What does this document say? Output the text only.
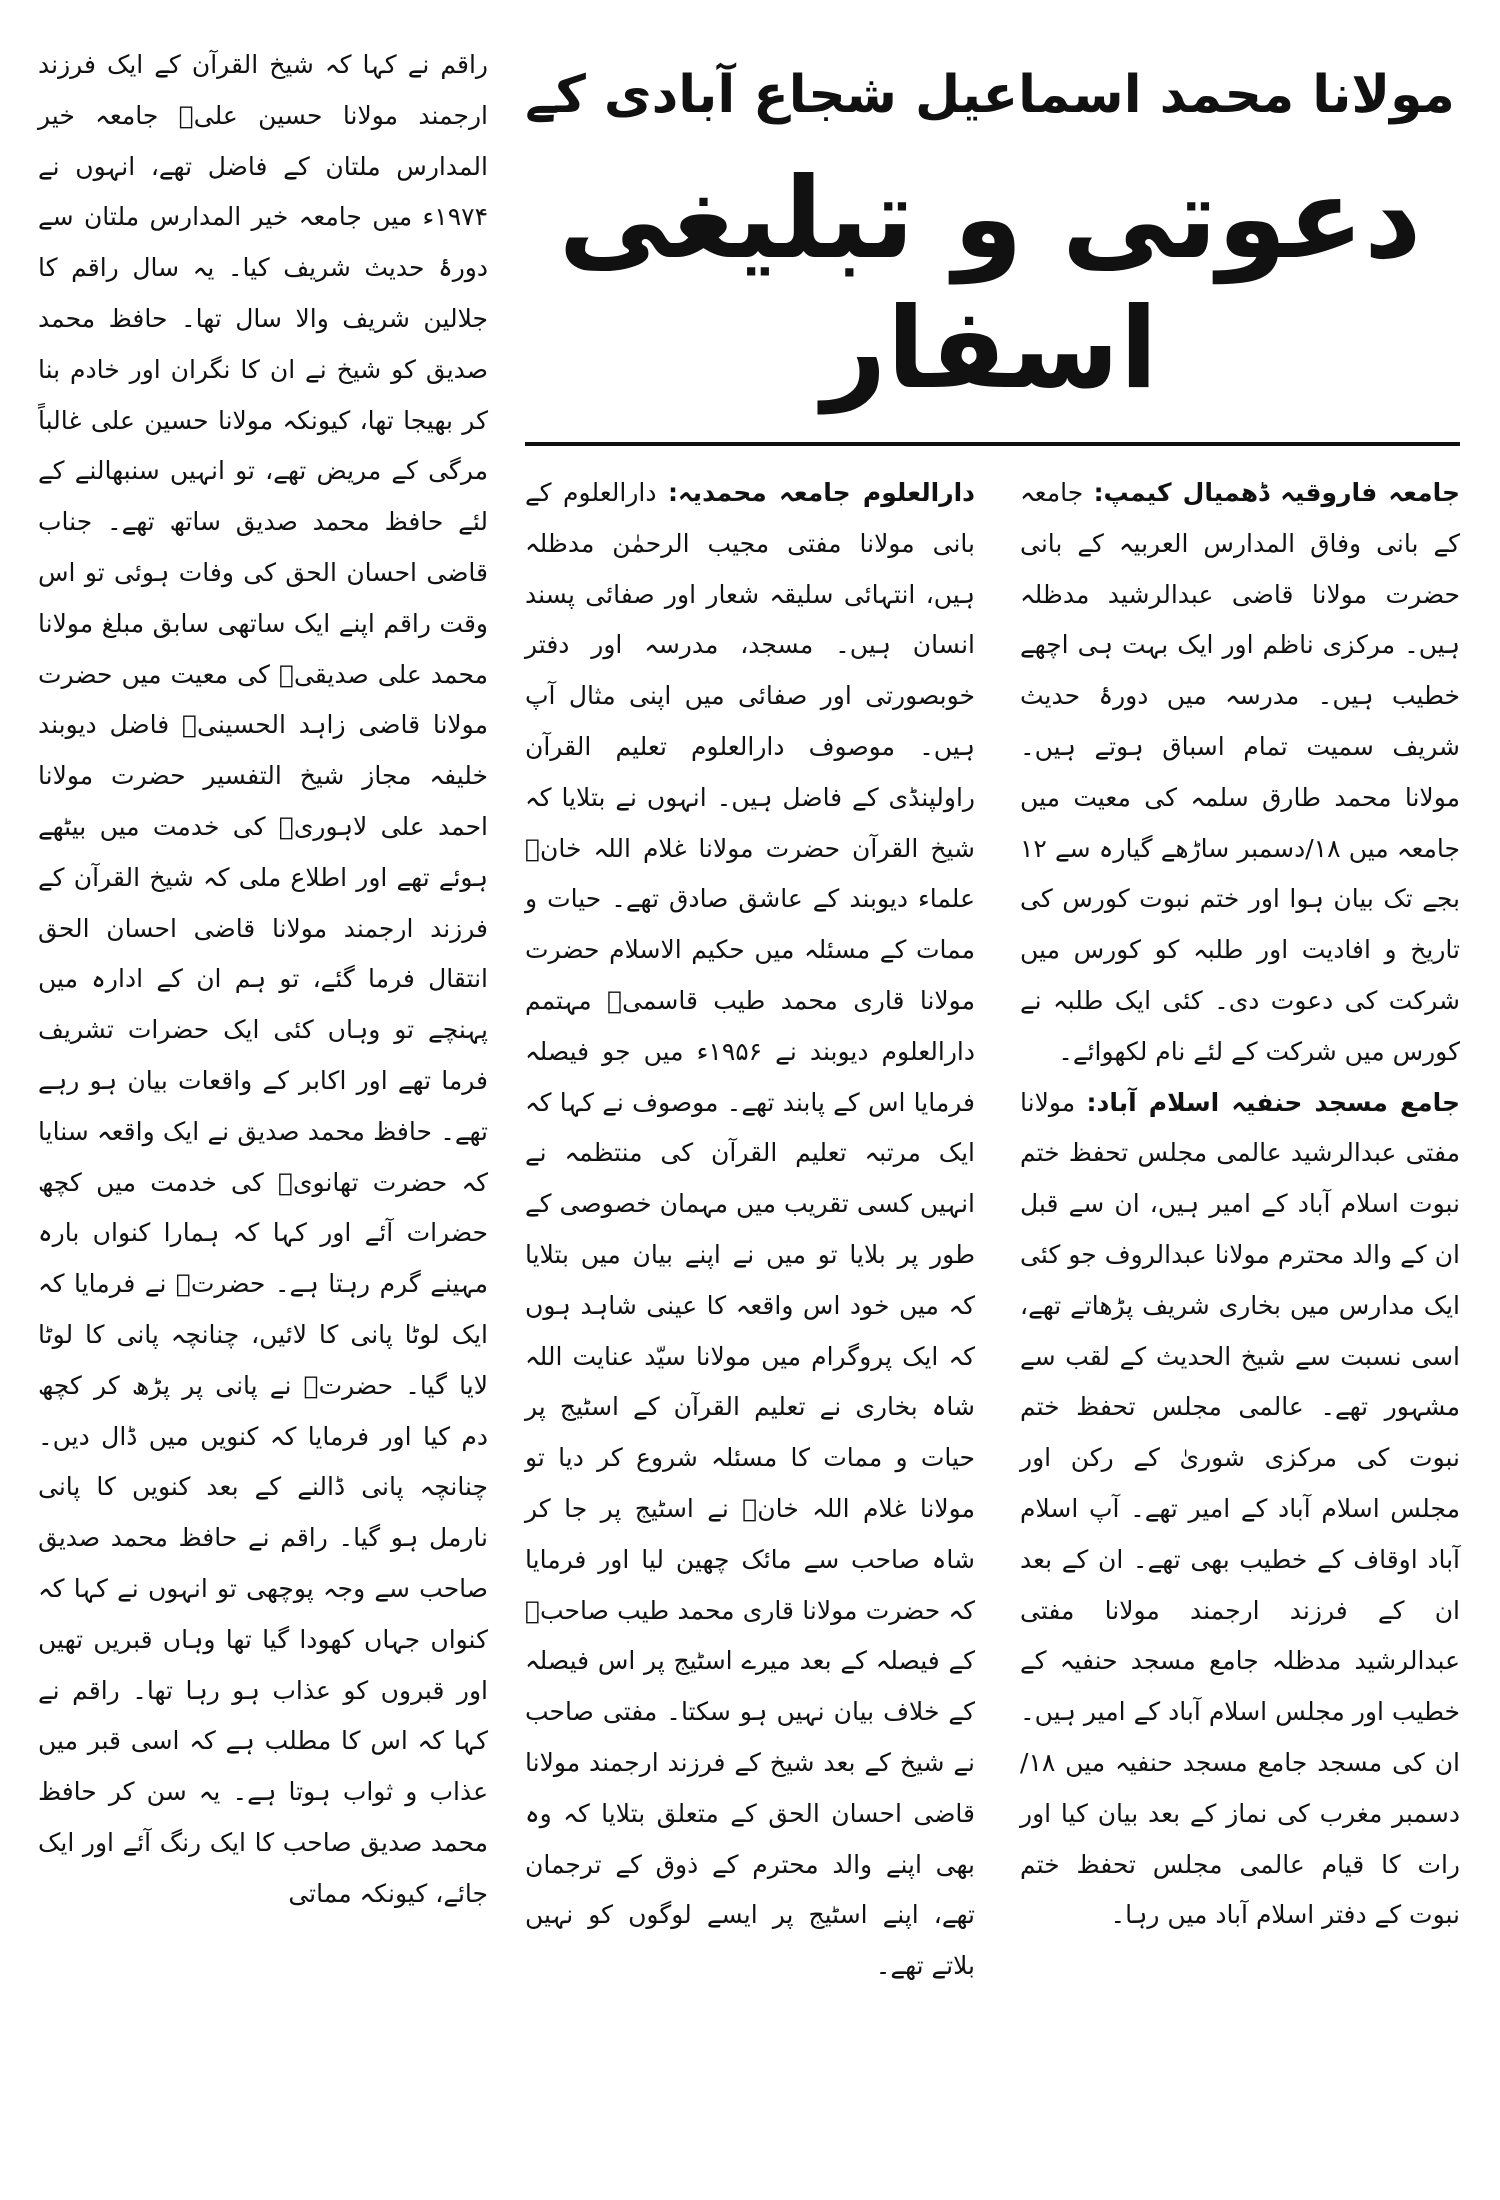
مولانا محمد اسماعیل شجاع آبادی کے
دعوتی و تبلیغی
اسفار

جامعہ فاروقیہ ڈھمیال کیمپ: جامعہ کے بانی وفاق المدارس العربیہ کے بانی حضرت مولانا قاضی عبدالرشید مدظلہ ہیں۔ مرکزی ناظم اور ایک بہت ہی اچھے خطیب ہیں۔ مدرسہ میں دورۂ حدیث شریف سمیت تمام اسباق ہوتے ہیں۔ مولانا محمد طارق سلمہ کی معیت میں جامعہ میں ۱۸/دسمبر ساڑھے گیارہ سے ۱۲ بجے تک بیان ہوا اور ختم نبوت کورس کی تاریخ و افادیت اور طلبہ کو کورس میں شرکت کی دعوت دی۔ کئی ایک طلبہ نے کورس میں شرکت کے لئے نام لکھوائے۔

جامع مسجد حنفیہ اسلام آباد: مولانا مفتی عبدالرشید عالمی مجلس تحفظ ختم نبوت اسلام آباد کے امیر ہیں، ان سے قبل ان کے والد محترم مولانا عبدالروف جو کئی ایک مدارس میں بخاری شریف پڑھاتے تھے، اسی نسبت سے شیخ الحدیث کے لقب سے مشہور تھے۔ عالمی مجلس تحفظ ختم نبوت کی مرکزی شوریٰ کے رکن اور مجلس اسلام آباد کے امیر تھے۔ آپ اسلام آباد اوقاف کے خطیب بھی تھے۔ ان کے بعد ان کے فرزند ارجمند مولانا مفتی عبدالرشید مدظلہ جامع مسجد حنفیہ کے خطیب اور مجلس اسلام آباد کے امیر ہیں۔ ان کی مسجد جامع مسجد حنفیہ میں ۱۸/دسمبر مغرب کی نماز کے بعد بیان کیا اور رات کا قیام عالمی مجلس تحفظ ختم نبوت کے دفتر اسلام آباد میں رہا۔

دارالعلوم جامعہ محمدیہ: دارالعلوم کے بانی مولانا مفتی مجیب الرحمٰن مدظلہ ہیں، انتہائی سلیقہ شعار اور صفائی پسند انسان ہیں۔ مسجد، مدرسہ اور دفتر خوبصورتی اور صفائی میں اپنی مثال آپ ہیں۔ موصوف دارالعلوم تعلیم القرآن راولپنڈی کے فاضل ہیں۔ انہوں نے بتلایا کہ شیخ القرآن حضرت مولانا غلام اللہ خانؒ علماء دیوبند کے عاشق صادق تھے۔ حیات و ممات کے مسئلہ میں حکیم الاسلام حضرت مولانا قاری محمد طیب قاسمیؒ مہتمم دارالعلوم دیوبند نے ۱۹۵۶ء میں جو فیصلہ فرمایا اس کے پابند تھے۔ موصوف نے کہا کہ ایک مرتبہ تعلیم القرآن کی منتظمہ نے انہیں کسی تقریب میں مہمان خصوصی کے طور پر بلایا تو میں نے اپنے بیان میں بتلایا کہ میں خود اس واقعہ کا عینی شاہد ہوں کہ ایک پروگرام میں مولانا سیّد عنایت اللہ شاہ بخاری نے تعلیم القرآن کے اسٹیج پر حیات و ممات کا مسئلہ شروع کر دیا تو مولانا غلام اللہ خانؒ نے اسٹیج پر جا کر شاہ صاحب سے مائک چھین لیا اور فرمایا کہ حضرت مولانا قاری محمد طیب صاحبؒ کے فیصلہ کے بعد میرے اسٹیج پر اس فیصلہ کے خلاف بیان نہیں ہو سکتا۔ مفتی صاحب نے شیخ کے بعد شیخ کے فرزند ارجمند مولانا قاضی احسان الحق کے متعلق بتلایا کہ وہ بھی اپنے والد محترم کے ذوق کے ترجمان تھے، اپنے اسٹیج پر ایسے لوگوں کو نہیں بلاتے تھے۔

راقم نے کہا کہ شیخ القرآن کے ایک فرزند ارجمند مولانا حسین علیؒ جامعہ خیر المدارس ملتان کے فاضل تھے، انہوں نے ۱۹۷۴ء میں جامعہ خیر المدارس ملتان سے دورۂ حدیث شریف کیا۔ یہ سال راقم کا جلالین شریف والا سال تھا۔ حافظ محمد صدیق کو شیخ نے ان کا نگران اور خادم بنا کر بھیجا تھا، کیونکہ مولانا حسین علی غالباً مرگی کے مریض تھے، تو انہیں سنبھالنے کے لئے حافظ محمد صدیق ساتھ تھے۔ جناب قاضی احسان الحق کی وفات ہوئی تو اس وقت راقم اپنے ایک ساتھی سابق مبلغ مولانا محمد علی صدیقیؒ کی معیت میں حضرت مولانا قاضی زاہد الحسینیؒ فاضل دیوبند خلیفہ مجاز شیخ التفسیر حضرت مولانا احمد علی لاہوریؒ کی خدمت میں بیٹھے ہوئے تھے اور اطلاع ملی کہ شیخ القرآن کے فرزند ارجمند مولانا قاضی احسان الحق انتقال فرما گئے، تو ہم ان کے ادارہ میں پہنچے تو وہاں کئی ایک حضرات تشریف فرما تھے اور اکابر کے واقعات بیان ہو رہے تھے۔ حافظ محمد صدیق نے ایک واقعہ سنایا کہ حضرت تھانویؒ کی خدمت میں کچھ حضرات آئے اور کہا کہ ہمارا کنواں بارہ مہینے گرم رہتا ہے۔ حضرتؒ نے فرمایا کہ ایک لوٹا پانی کا لائیں، چنانچہ پانی کا لوٹا لایا گیا۔ حضرتؒ نے پانی پر پڑھ کر کچھ دم کیا اور فرمایا کہ کنویں میں ڈال دیں۔ چنانچہ پانی ڈالنے کے بعد کنویں کا پانی نارمل ہو گیا۔ راقم نے حافظ محمد صدیق صاحب سے وجہ پوچھی تو انہوں نے کہا کہ کنواں جہاں کھودا گیا تھا وہاں قبریں تھیں اور قبروں کو عذاب ہو رہا تھا۔ راقم نے کہا کہ اس کا مطلب ہے کہ اسی قبر میں عذاب و ثواب ہوتا ہے۔ یہ سن کر حافظ محمد صدیق صاحب کا ایک رنگ آئے اور ایک جائے، کیونکہ مماتی
